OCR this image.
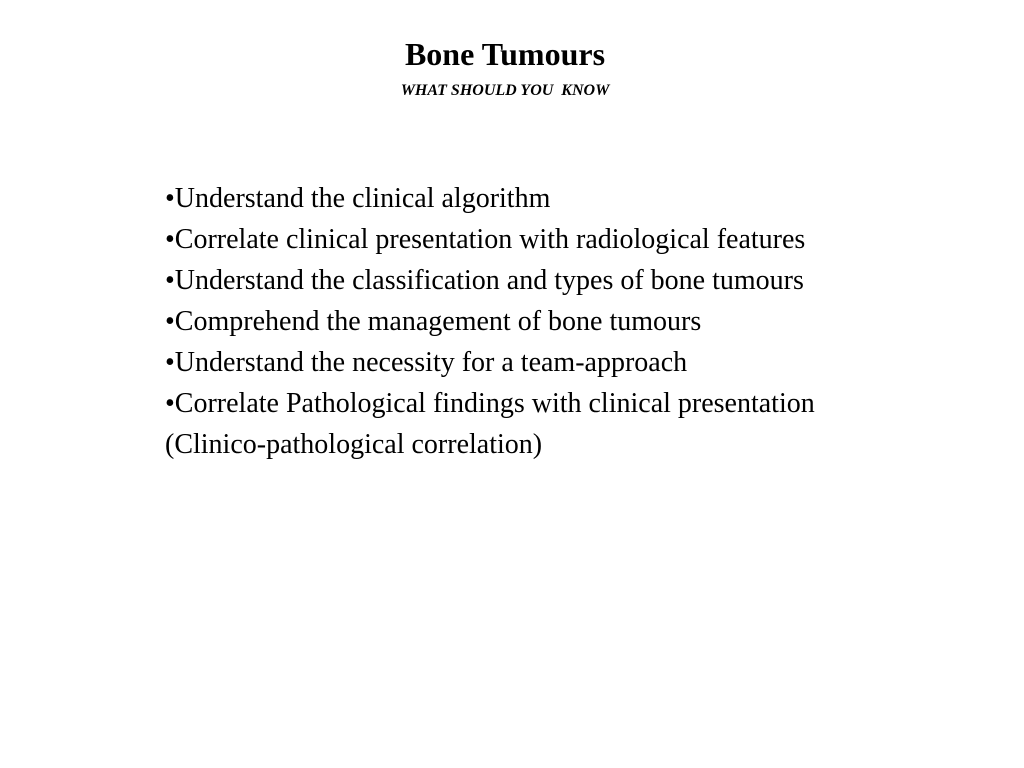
Bone Tumours
WHAT SHOULD YOU  KNOW
•Understand the clinical algorithm
•Correlate clinical presentation with radiological features
•Understand the classification and types of bone tumours
•Comprehend the management of bone tumours
•Understand the necessity for a team-approach
•Correlate Pathological findings with clinical presentation
(Clinico-pathological correlation)
